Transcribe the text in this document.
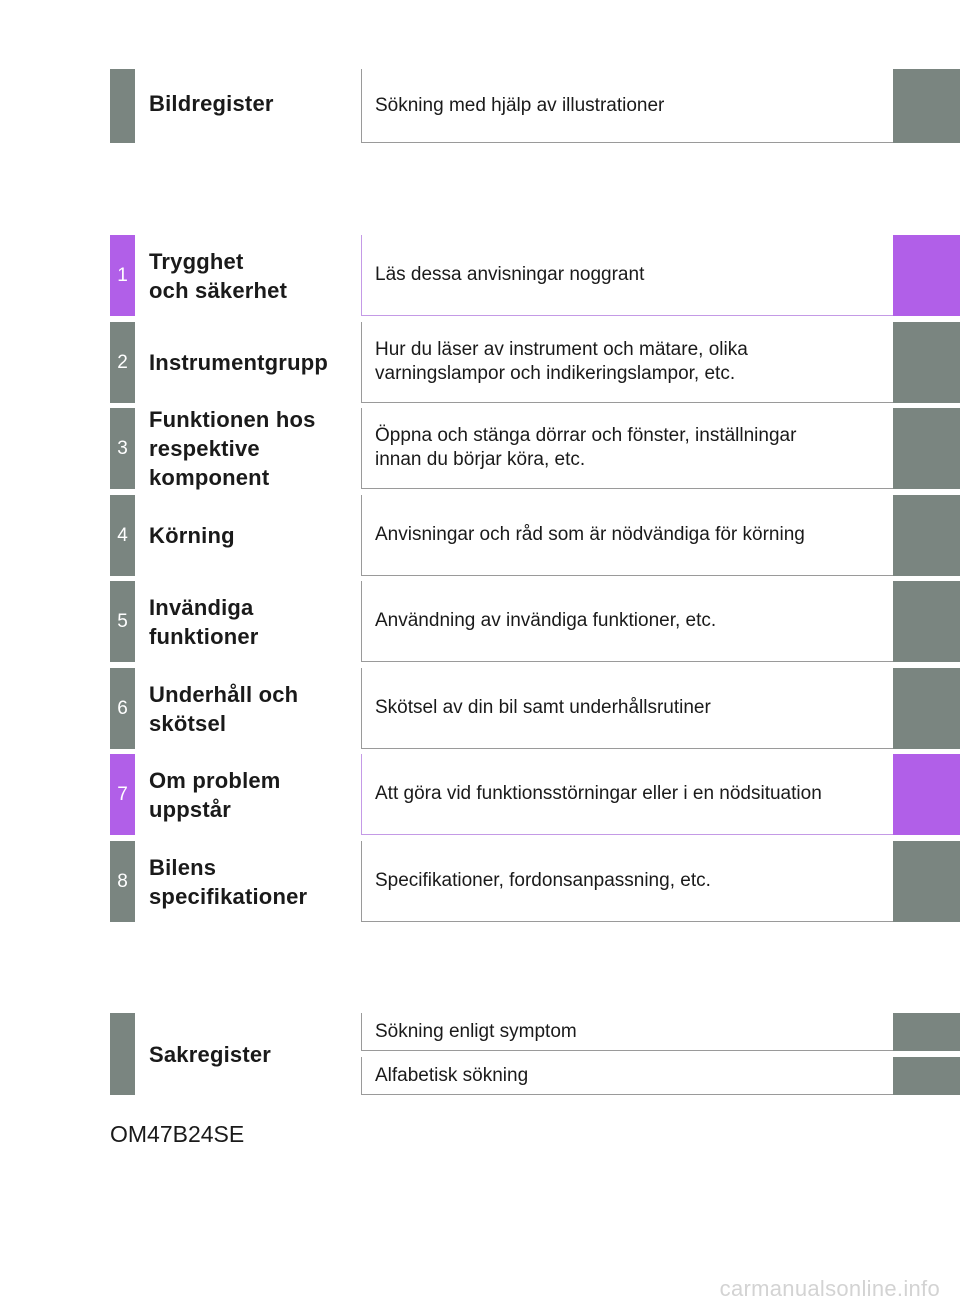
Bildregister	Sökning med hjälp av illustrationer
1
Trygghet
och säkerhet
Läs dessa anvisningar noggrant
2 Instrumentgrupp
Hur du läser av instrument och mätare, olika
varningslampor och indikeringslampor, etc.
3
Funktionen hos
respektive
komponent
Öppna och stänga dörrar och fönster, inställningar
innan du börjar köra, etc.
4 Körning	Anvisningar och råd som är nödvändiga för körning
5
Invändiga
funktioner
Användning av invändiga funktioner, etc.
6
Underhåll och
skötsel
Skötsel av din bil samt underhållsrutiner
7
Om problem
uppstår
Att göra vid funktionsstörningar eller i en nödsituation
8
Bilens
specifikationer
Specifikationer, fordonsanpassning, etc.
Sakregister
Sökning enligt symptom
Alfabetisk sökning
OM47B24SE
carmanualsonline.info
